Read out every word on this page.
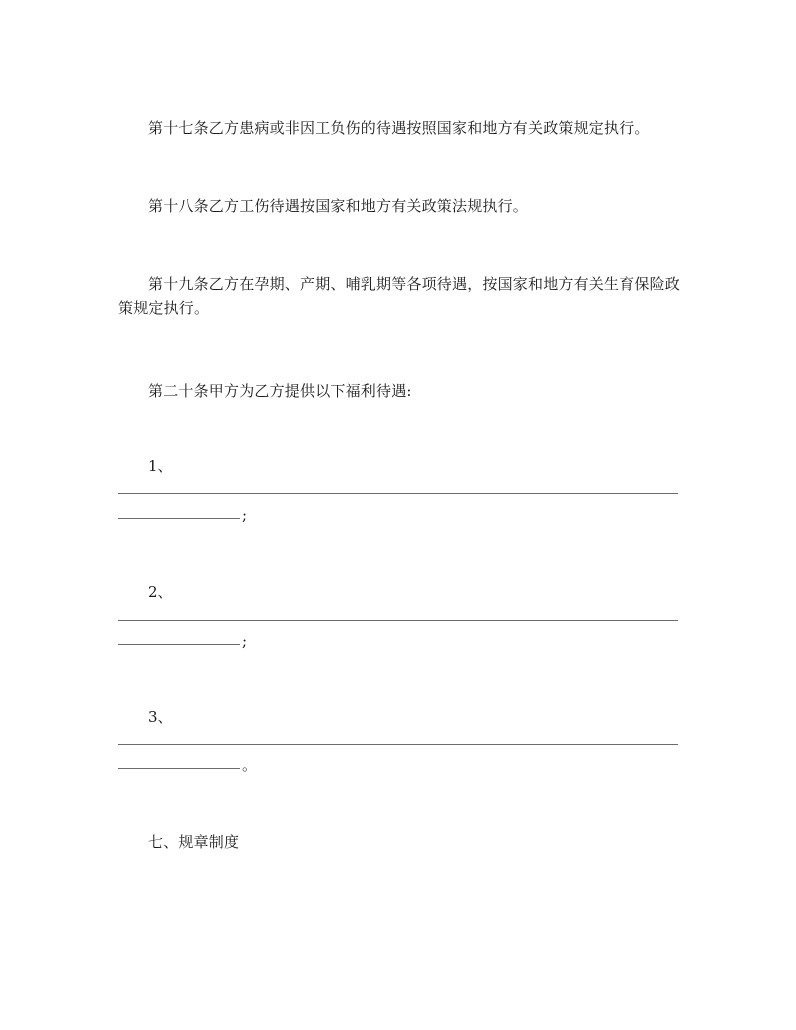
第十七条乙方患病或非因工负伤的待遇按照国家和地方有关政策规定执行。

第十八条乙方工伤待遇按国家和地方有关政策法规执行。

第十九条乙方在孕期、产期、哺乳期等各项待遇，按国家和地方有关生育保险政策规定执行。

第二十条甲方为乙方提供以下福利待遇:

1、
;
2、
;
3、
。

七、规章制度
